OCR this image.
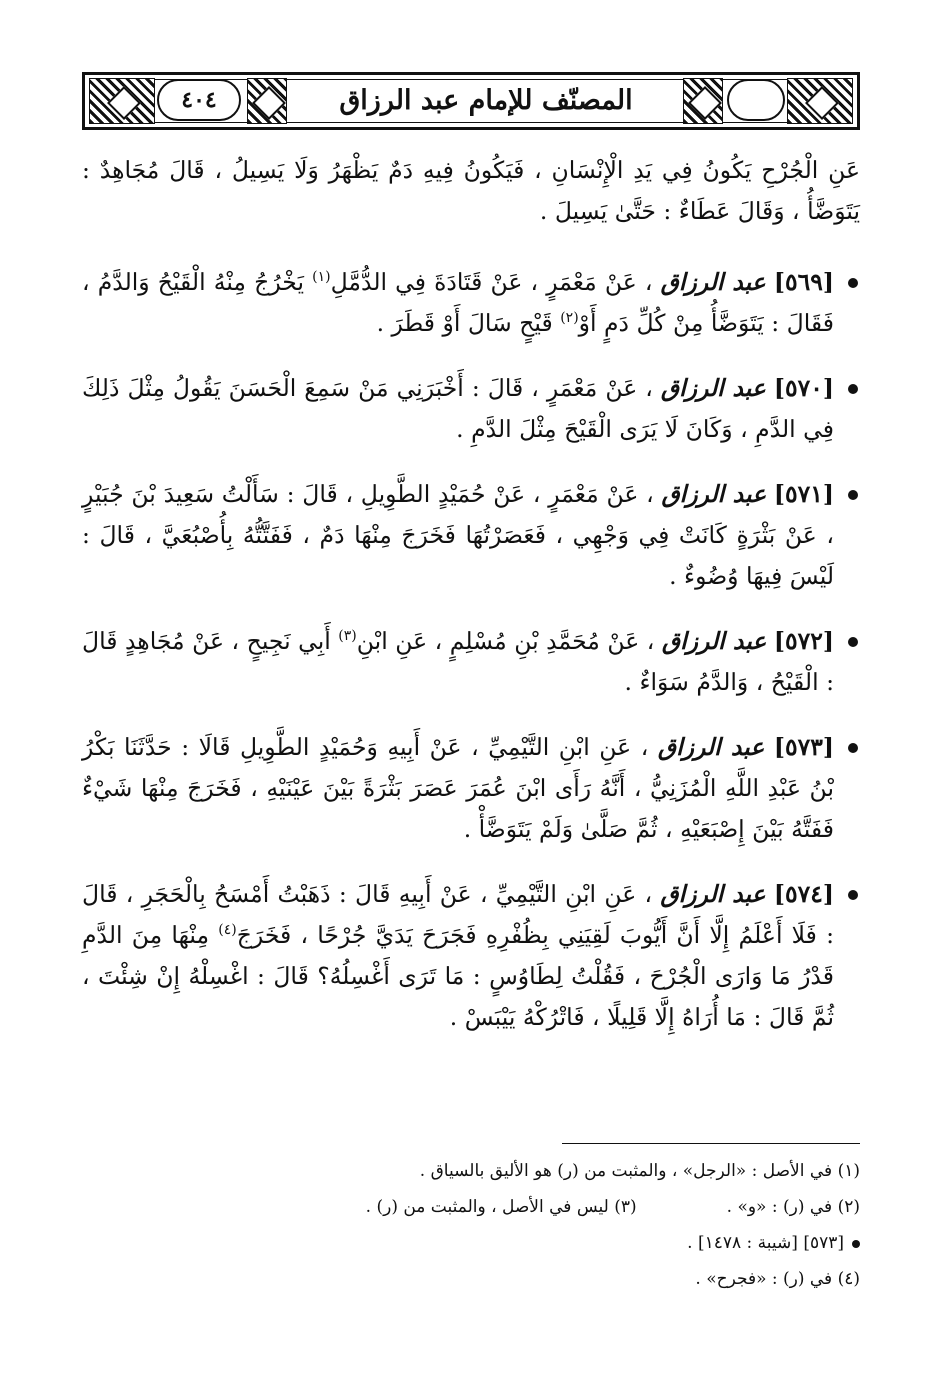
٤٠٤	المصنّف للإمام عبد الرزاق

عَنِ الْجُرْحِ يَكُونُ فِي يَدِ الْإِنْسَانِ ، فَيَكُونُ فِيهِ دَمٌ يَظْهَرُ وَلَا يَسِيلُ ، قَالَ مُجَاهِدٌ : يَتَوَضَّأُ ، وَقَالَ عَطَاءٌ : حَتَّىٰ يَسِيلَ .

[٥٦٩] عبد الرزاق ، عَنْ مَعْمَرٍ ، عَنْ قَتَادَةَ فِي الدُّمَّلِ$^{(١)}$ يَخْرُجُ مِنْهُ الْقَيْحُ وَالدَّمُ ، فَقَالَ : يَتَوَضَّأُ مِنْ كُلِّ دَمٍ أَوْ$^{(٢)}$ قَيْحٍ سَالَ أَوْ قَطَرَ .

[٥٧٠] عبد الرزاق ، عَنْ مَعْمَرٍ ، قَالَ : أَخْبَرَنِي مَنْ سَمِعَ الْحَسَنَ يَقُولُ مِثْلَ ذَلِكَ فِي الدَّمِ ، وَكَانَ لَا يَرَى الْقَيْحَ مِثْلَ الدَّمِ .

[٥٧١] عبد الرزاق ، عَنْ مَعْمَرٍ ، عَنْ حُمَيْدٍ الطَّوِيلِ ، قَالَ : سَأَلْتُ سَعِيدَ بْنَ جُبَيْرٍ ، عَنْ بَثْرَةٍ كَانَتْ فِي وَجْهِي ، فَعَصَرْتُهَا فَخَرَجَ مِنْهَا دَمٌ ، فَفَتَّتُّهُ بِأُصْبُعَيَّ ، قَالَ : لَيْسَ فِيهَا وُضُوءٌ .

[٥٧٢] عبد الرزاق ، عَنْ مُحَمَّدِ بْنِ مُسْلِمٍ ، عَنِ ابْنِ$^{(٣)}$ أَبِي نَجِيحٍ ، عَنْ مُجَاهِدٍ قَالَ : الْقَيْحُ ، وَالدَّمُ سَوَاءٌ .

[٥٧٣] عبد الرزاق ، عَنِ ابْنِ التَّيْمِيِّ ، عَنْ أَبِيهِ وَحُمَيْدٍ الطَّوِيلِ قَالَا : حَدَّثَنَا بَكْرُ بْنُ عَبْدِ اللَّهِ الْمُزَنِيُّ ، أَنَّهُ رَأَى ابْنَ عُمَرَ عَصَرَ بَثْرَةً بَيْنَ عَيْنَيْهِ ، فَخَرَجَ مِنْهَا شَيْءٌ فَفَتَّهُ بَيْنَ إِصْبَعَيْهِ ، ثُمَّ صَلَّىٰ وَلَمْ يَتَوَضَّأْ .

[٥٧٤] عبد الرزاق ، عَنِ ابْنِ التَّيْمِيِّ ، عَنْ أَبِيهِ قَالَ : ذَهَبْتُ أَمْسَحُ بِالْحَجَرِ ، قَالَ : فَلَا أَعْلَمُ إِلَّا أَنَّ أَيُّوبَ لَقِيَنِي بِظُفْرِهِ فَجَرَحَ يَدَيَّ جُرْحًا ، فَخَرَجَ$^{(٤)}$ مِنْهَا مِنَ الدَّمِ قَدْرُ مَا وَارَى الْجُرْحَ ، فَقُلْتُ لِطَاوُسٍ : مَا تَرَى أَغْسِلُهُ؟ قَالَ : اغْسِلْهُ إِنْ شِئْتَ ، ثُمَّ قَالَ : مَا أُرَاهُ إِلَّا قَلِيلًا ، فَاتْرُكْهُ يَيْبَسْ .

(١) في الأصل : «الرجل» ، والمثبت من (ر) هو الأليق بالسياق .
(٢) في (ر) : «و» .
(٣) ليس في الأصل ، والمثبت من (ر) .
[٥٧٣] [شيبة : ١٤٧٨] .
(٤) في (ر) : «فجرح» .
